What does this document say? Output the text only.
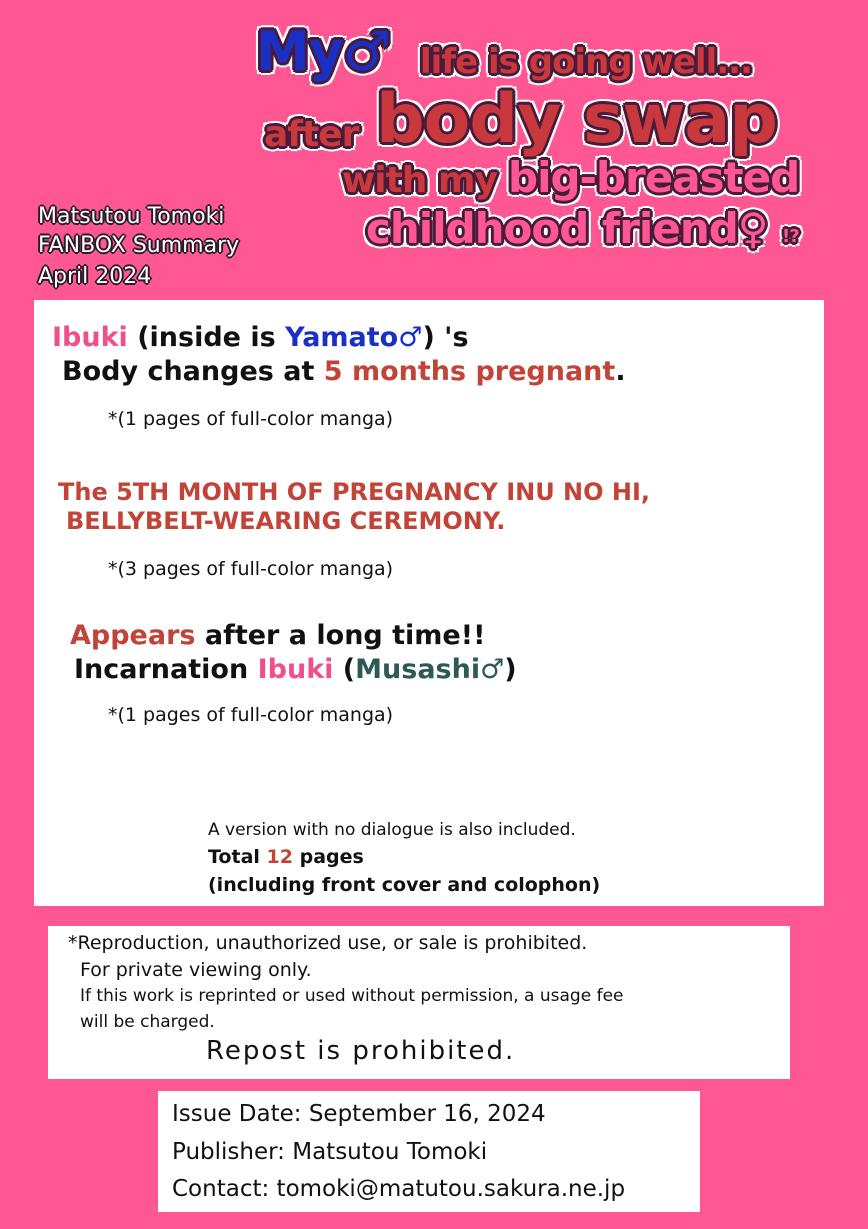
My♂ life is going well...
after body swap
with my big-breasted
childhood friend♀ !?
Matsutou Tomoki
FANBOX Summary
April 2024
Ibuki (inside is Yamato♂) 's
Body changes at 5 months pregnant.
*(1 pages of full-color manga)
The 5TH MONTH OF PREGNANCY INU NO HI,
BELLYBELT-WEARING CEREMONY.
*(3 pages of full-color manga)
Appears after a long time!!
Incarnation Ibuki (Musashi♂)
*(1 pages of full-color manga)
A version with no dialogue is also included.
Total 12 pages
(including front cover and colophon)
*Reproduction, unauthorized use, or sale is prohibited.
For private viewing only.
If this work is reprinted or used without permission, a usage fee
will be charged.
Repost is prohibited.
Issue Date: September 16, 2024
Publisher: Matsutou Tomoki
Contact: tomoki@matutou.sakura.ne.jp
